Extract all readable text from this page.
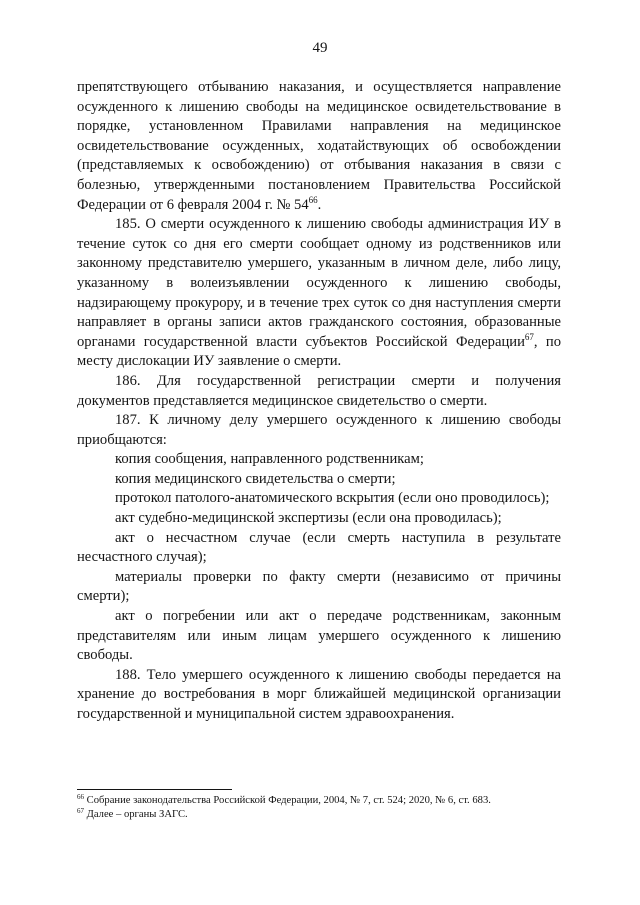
49

препятствующего отбыванию наказания, и осуществляется направление осужденного к лишению свободы на медицинское освидетельствование в порядке, установленном Правилами направления на медицинское освидетельствование осужденных, ходатайствующих об освобождении (представляемых к освобождению) от отбывания наказания в связи с болезнью, утвержденными постановлением Правительства Российской Федерации от 6 февраля 2004 г. № $54^{66}$.

185. О смерти осужденного к лишению свободы администрация ИУ в течение суток со дня его смерти сообщает одному из родственников или законному представителю умершего, указанным в личном деле, либо лицу, указанному в волеизъявлении осужденного к лишению свободы, надзирающему прокурору, и в течение трех суток со дня наступления смерти направляет в органы записи актов гражданского состояния, образованные органами государственной власти субъектов Российской Федерации$^{67}$, по месту дислокации ИУ заявление о смерти.

186. Для государственной регистрации смерти и получения документов представляется медицинское свидетельство о смерти.

187. К личному делу умершего осужденного к лишению свободы приобщаются:

копия сообщения, направленного родственникам;

копия медицинского свидетельства о смерти;

протокол патолого-анатомического вскрытия (если оно проводилось);

акт судебно-медицинской экспертизы (если она проводилась);

акт о несчастном случае (если смерть наступила в результате несчастного случая);

материалы проверки по факту смерти (независимо от причины смерти);

акт о погребении или акт о передаче родственникам, законным представителям или иным лицам умершего осужденного к лишению свободы.

188. Тело умершего осужденного к лишению свободы передается на хранение до востребования в морг ближайшей медицинской организации государственной и муниципальной систем здравоохранения.

$^{66}$ Собрание законодательства Российской Федерации, 2004, № 7, ст. 524; 2020, № 6, ст. 683.

$^{67}$ Далее – органы ЗАГС.
